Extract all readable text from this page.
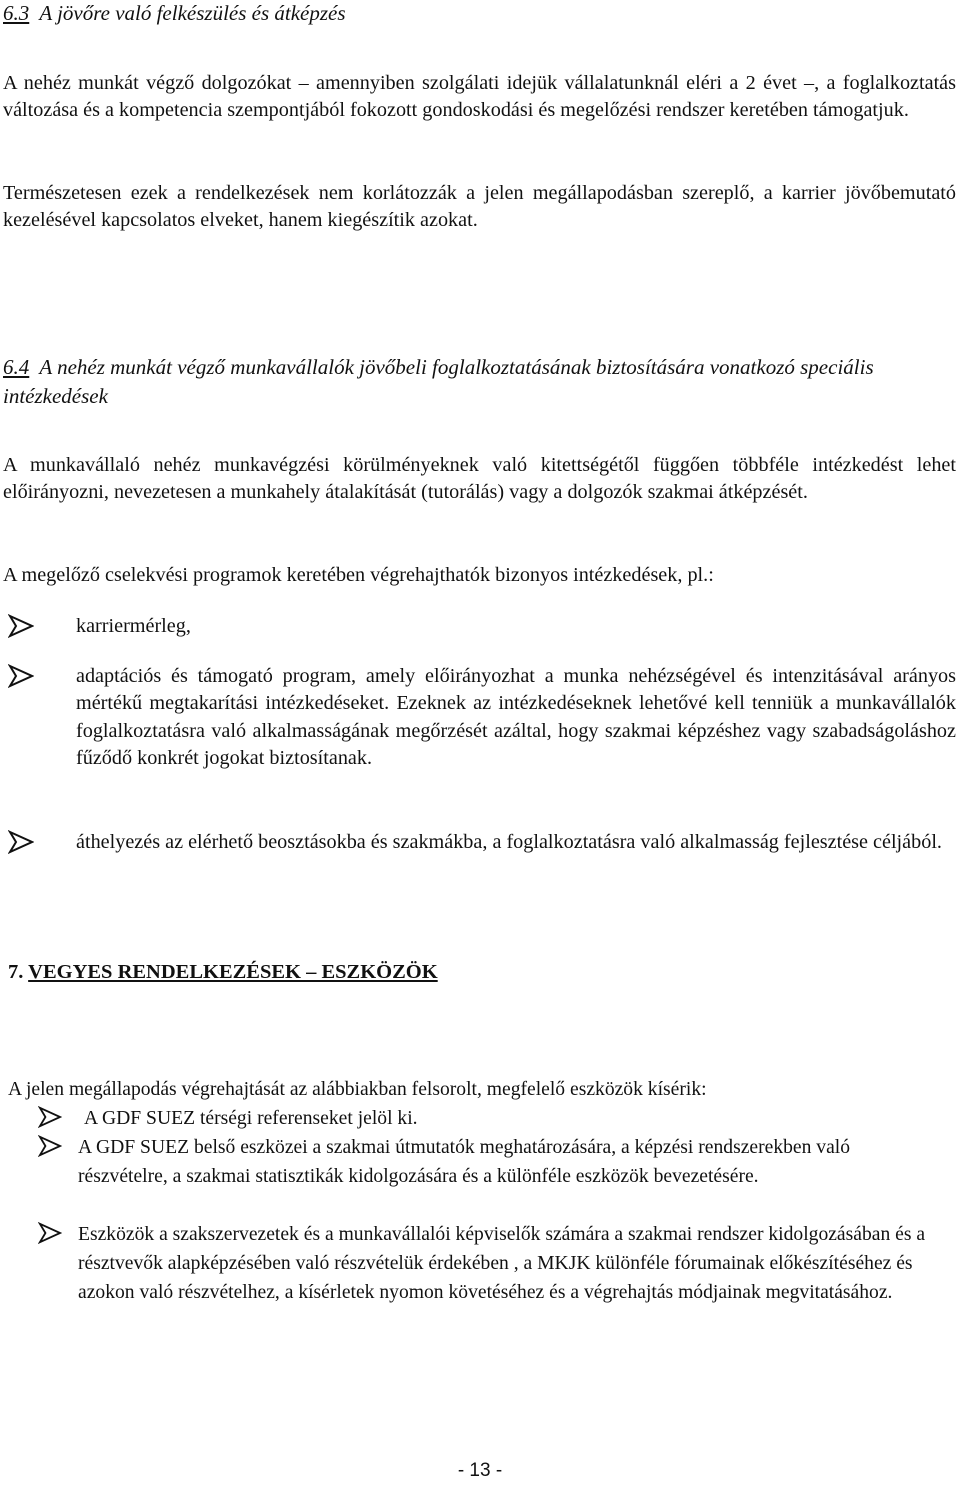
6.3 A jövőre való felkészülés és átképzés

A nehéz munkát végző dolgozókat – amennyiben szolgálati idejük vállalatunknál eléri a 2 évet –, a foglalkoztatás változása és a kompetencia szempontjából fokozott gondoskodási és megelőzési rendszer keretében támogatjuk.

Természetesen ezek a rendelkezések nem korlátozzák a jelen megállapodásban szereplő, a karrier jövőbemutató kezelésével kapcsolatos elveket, hanem kiegészítik azokat.

6.4 A nehéz munkát végző munkavállalók jövőbeli foglalkoztatásának biztosítására vonatkozó speciális intézkedések

A munkavállaló nehéz munkavégzési körülményeknek való kitettségétől függően többféle intézkedést lehet előirányozni, nevezetesen a munkahely átalakítását (tutorálás) vagy a dolgozók szakmai átképzését.

A megelőző cselekvési programok keretében végrehajthatók bizonyos intézkedések, pl.:

karriermérleg,

adaptációs és támogató program, amely előirányozhat a munka nehézségével és intenzitásával arányos mértékű megtakarítási intézkedéseket. Ezeknek az intézkedéseknek lehetővé kell tenniük a munkavállalók foglalkoztatásra való alkalmasságának megőrzését azáltal, hogy szakmai képzéshez vagy szabadságoláshoz fűződő konkrét jogokat biztosítanak.

áthelyezés az elérhető beosztásokba és szakmákba, a foglalkoztatásra való alkalmasság fejlesztése céljából.

7. VEGYES RENDELKEZÉSEK – ESZKÖZÖK

A jelen megállapodás végrehajtását az alábbiakban felsorolt, megfelelő eszközök kísérik:

A GDF SUEZ térségi referenseket jelöl ki.

A GDF SUEZ belső eszközei a szakmai útmutatók meghatározására, a képzési rendszerekben való részvételre, a szakmai statisztikák kidolgozására és a különféle eszközök bevezetésére.

Eszközök a szakszervezetek és a munkavállalói képviselők számára a szakmai rendszer kidolgozásában és a résztvevők alapképzésében való részvételük érdekében , a MKJK különféle fórumainak előkészítéséhez és azokon való részvételhez, a kísérletek nyomon követéséhez és a végrehajtás módjainak megvitatásához.

- 13 -
